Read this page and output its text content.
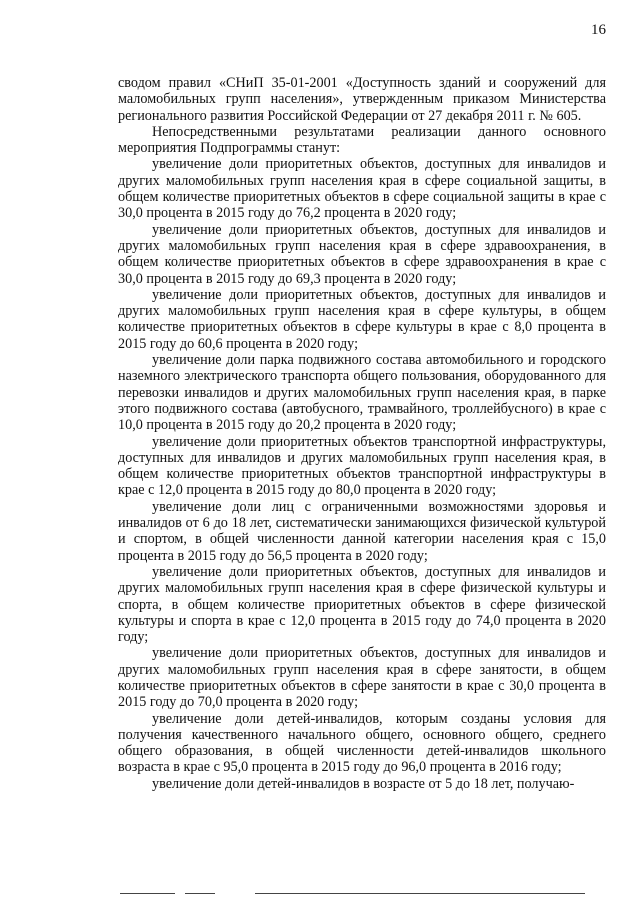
16

сводом правил «СНиП 35-01-2001 «Доступность зданий и сооружений для маломобильных групп населения», утвержденным приказом Министерства регионального развития Российской Федерации от 27 декабря 2011 г. № 605.

Непосредственными результатами реализации данного основного мероприятия Подпрограммы станут:

увеличение доли приоритетных объектов, доступных для инвалидов и других маломобильных групп населения края в сфере социальной защиты, в общем количестве приоритетных объектов в сфере социальной защиты в крае с 30,0 процента в 2015 году до 76,2 процента в 2020 году;

увеличение доли приоритетных объектов, доступных для инвалидов и других маломобильных групп населения края в сфере здравоохранения, в общем количестве приоритетных объектов в сфере здравоохранения в крае с 30,0 процента в 2015 году до 69,3 процента в 2020 году;

увеличение доли приоритетных объектов, доступных для инвалидов и других маломобильных групп населения края в сфере культуры, в общем количестве приоритетных объектов в сфере культуры в крае с 8,0 процента в 2015 году до 60,6 процента в 2020 году;

увеличение доли парка подвижного состава автомобильного и городского наземного электрического транспорта общего пользования, оборудованного для перевозки инвалидов и других маломобильных групп населения края, в парке этого подвижного состава (автобусного, трамвайного, троллейбусного) в крае с 10,0 процента в 2015 году до 20,2 процента в 2020 году;

увеличение доли приоритетных объектов транспортной инфраструктуры, доступных для инвалидов и других маломобильных групп населения края, в общем количестве приоритетных объектов транспортной инфраструктуры в крае с 12,0 процента в 2015 году до 80,0 процента в 2020 году;

увеличение доли лиц с ограниченными возможностями здоровья и инвалидов от 6 до 18 лет, систематически занимающихся физической культурой и спортом, в общей численности данной категории населения края с 15,0 процента в 2015 году до 56,5 процента в 2020 году;

увеличение доли приоритетных объектов, доступных для инвалидов и других маломобильных групп населения края в сфере физической культуры и спорта, в общем количестве приоритетных объектов в сфере физической культуры и спорта в крае с 12,0 процента в 2015 году до 74,0 процента в 2020 году;

увеличение доли приоритетных объектов, доступных для инвалидов и других маломобильных групп населения края в сфере занятости, в общем количестве приоритетных объектов в сфере занятости в крае с 30,0 процента в 2015 году до 70,0 процента в 2020 году;

увеличение доли детей-инвалидов, которым созданы условия для получения качественного начального общего, основного общего, среднего общего образования, в общей численности детей-инвалидов школьного возраста в крае с 95,0 процента в 2015 году до 96,0 процента в 2016 году;

увеличение доли детей-инвалидов в возрасте от 5 до 18 лет, получаю-
